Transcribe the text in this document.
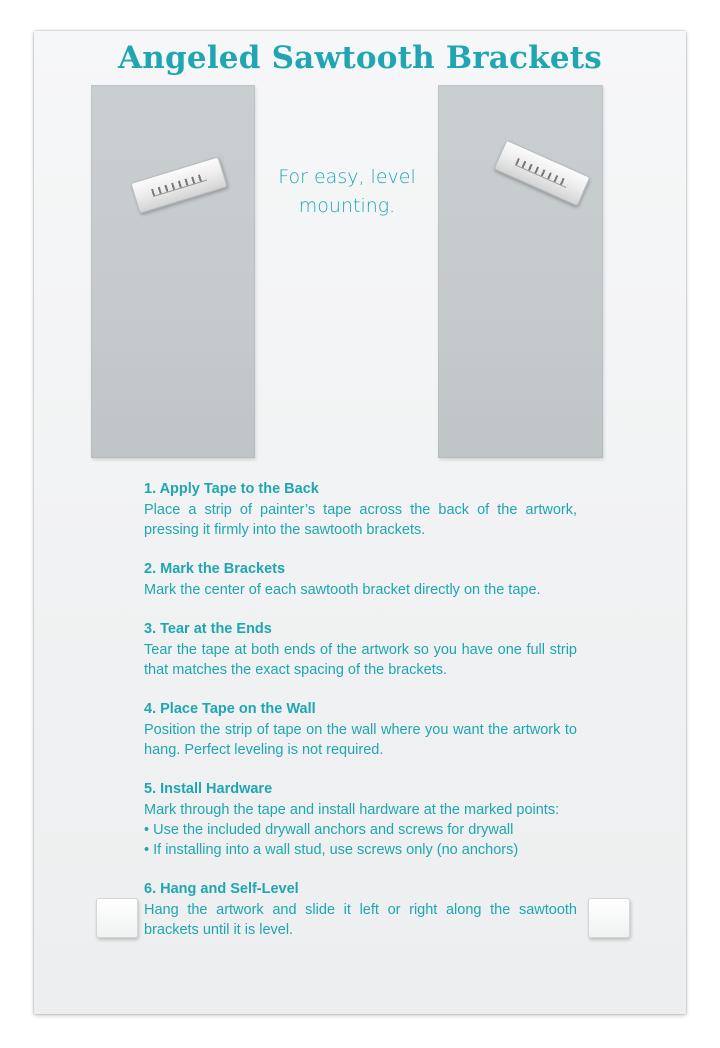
Angeled Sawtooth Brackets

For easy, level mounting.

1. Apply Tape to the Back

Place a strip of painter’s tape across the back of the artwork, pressing it firmly into the sawtooth brackets.

2. Mark the Brackets

Mark the center of each sawtooth bracket directly on the tape.

3. Tear at the Ends

Tear the tape at both ends of the artwork so you have one full strip that matches the exact spacing of the brackets.

4. Place Tape on the Wall

Position the strip of tape on the wall where you want the artwork to hang. Perfect leveling is not required.

5. Install Hardware

Mark through the tape and install hardware at the marked points:

• Use the included drywall anchors and screws for drywall
• If installing into a wall stud, use screws only (no anchors)
6. Hang and Self-Level

Hang the artwork and slide it left or right along the sawtooth brackets until it is level.
